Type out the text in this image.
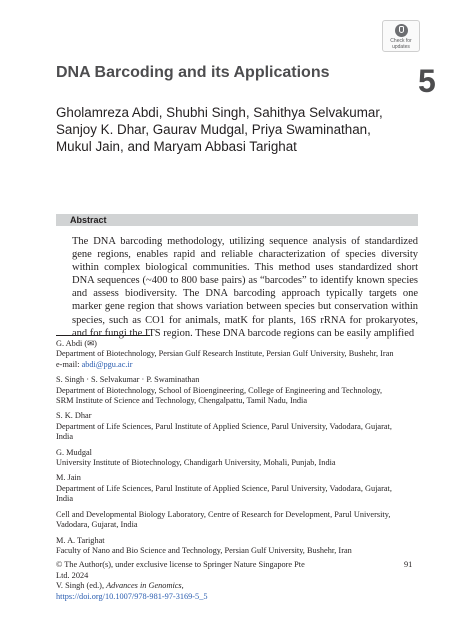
Check for
updates
DNA Barcoding and its Applications	5
Gholamreza Abdi, Shubhi Singh, Sahithya Selvakumar,
Sanjoy K. Dhar, Gaurav Mudgal, Priya Swaminathan,
Mukul Jain, and Maryam Abbasi Tarighat
Abstract

The DNA barcoding methodology, utilizing sequence analysis of standardized gene regions, enables rapid and reliable characterization of species diversity within complex biological communities. This method uses standardized short DNA sequences (~400 to 800 base pairs) as “barcodes” to identify known species and assess biodiversity. The DNA barcoding approach typically targets one marker gene region that shows variation between species but conservation within species, such as CO1 for animals, matK for plants, 16S rRNA for prokaryotes, and for fungi the ITS region. These DNA barcode regions can be easily amplified

G. Abdi (✉)
Department of Biotechnology, Persian Gulf Research Institute, Persian Gulf University, Bushehr, Iran
e-mail: abdi@pgu.ac.ir
S. Singh · S. Selvakumar · P. Swaminathan
Department of Biotechnology, School of Bioengineering, College of Engineering and Technology, SRM Institute of Science and Technology, Chengalpattu, Tamil Nadu, India
S. K. Dhar
Department of Life Sciences, Parul Institute of Applied Science, Parul University, Vadodara, Gujarat, India
G. Mudgal
University Institute of Biotechnology, Chandigarh University, Mohali, Punjab, India
M. Jain
Department of Life Sciences, Parul Institute of Applied Science, Parul University, Vadodara, Gujarat, India
Cell and Developmental Biology Laboratory, Centre of Research for Development, Parul University, Vadodara, Gujarat, India
M. A. Tarighat
Faculty of Nano and Bio Science and Technology, Persian Gulf University, Bushehr, Iran
© The Author(s), under exclusive license to Springer Nature Singapore Pte
Ltd. 2024
V. Singh (ed.), Advances in Genomics,
https://doi.org/10.1007/978-981-97-3169-5_5
91
